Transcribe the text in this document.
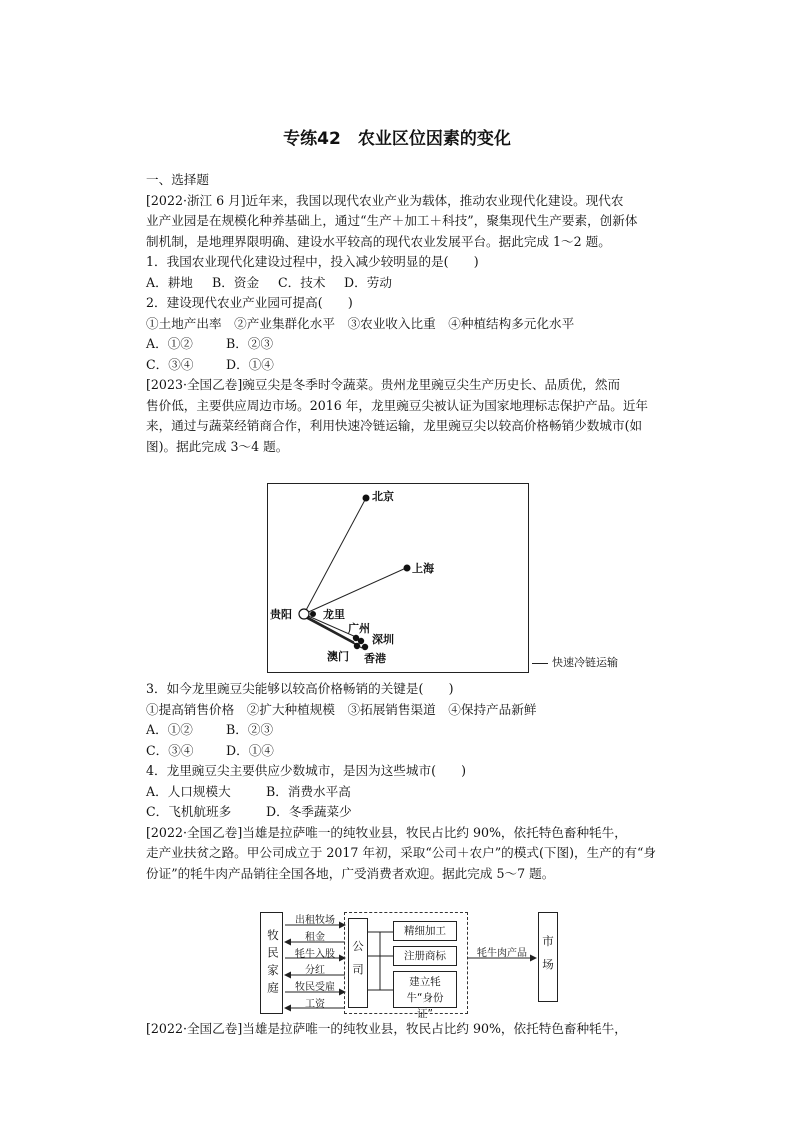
专练42　农业区位因素的变化
一、选择题
[2022·浙江 6 月]近年来，我国以现代农业产业为载体，推动农业现代化建设。现代农
业产业园是在规模化种养基础上，通过“生产＋加工＋科技”，聚集现代生产要素，创新体
制机制，是地理界限明确、建设水平较高的现代农业发展平台。据此完成 1～2 题。
1．我国农业现代化建设过程中，投入减少较明显的是(　　)
A．耕地 B．资金 C．技术 D．劳动
2．建设现代农业产业园可提高(　　)
①土地产出率　②产业集群化水平　③农业收入比重　④种植结构多元化水平
A．①②	B．②③
C．③④	D．①④
[2023·全国乙卷]豌豆尖是冬季时令蔬菜。贵州龙里豌豆尖生产历史长、品质优，然而
售价低，主要供应周边市场。2016 年，龙里豌豆尖被认证为国家地理标志保护产品。近年
来，通过与蔬菜经销商合作，利用快速冷链运输，龙里豌豆尖以较高价格畅销少数城市(如
图)。据此完成 3～4 题。
3．如今龙里豌豆尖能够以较高价格畅销的关键是(　　)
①提高销售价格　②扩大种植规模　③拓展销售渠道　④保持产品新鲜
A．①②	B．②③
C．③④	D．①④
4．龙里豌豆尖主要供应少数城市，是因为这些城市(　　)
A．人口规模大	B．消费水平高
C．飞机航班多	D．冬季蔬菜少
[2022·全国乙卷]当雄是拉萨唯一的纯牧业县，牧民占比约 90%，依托特色畜种牦牛，
走产业扶贫之路。甲公司成立于 2017 年初，采取“公司＋农户”的模式(下图)，生产的有“身
份证”的牦牛肉产品销往全国各地，广受消费者欢迎。据此完成 5～7 题。
[2022·全国乙卷]当雄是拉萨唯一的纯牧业县，牧民占比约 90%，依托特色畜种牦牛，
北京
上海
贵阳	龙里
广州
深圳
澳门 香港	快速冷链运输
牧民家庭	公司
精细加工
注册商标
建立牦牛“身份证”
市场
出租牧场
租金
牦牛入股
分红
牧民受雇
工资
牦牛肉产品
